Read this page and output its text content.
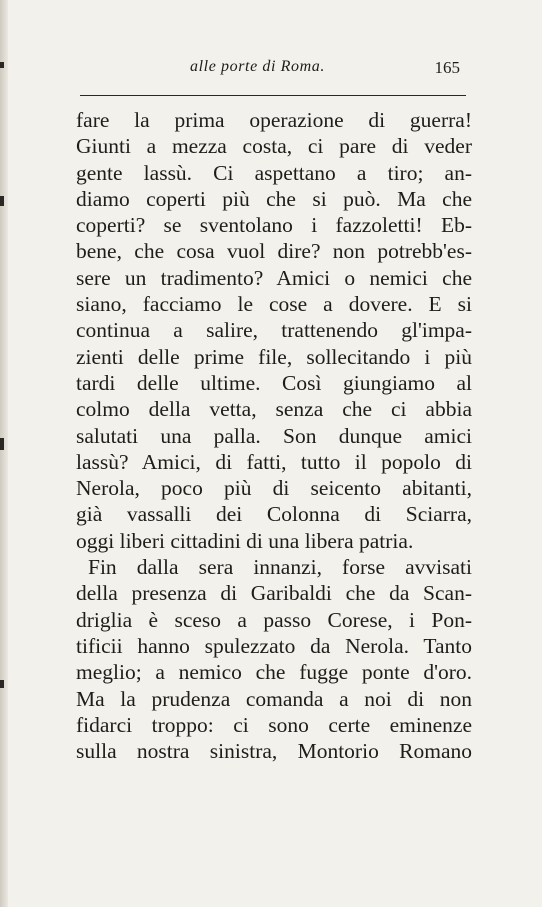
alle porte di Roma.	165
fare la prima operazione di guerra!
Giunti a mezza costa, ci pare di veder
gente lassù. Ci aspettano a tiro; an-
diamo coperti più che si può. Ma che
coperti? se sventolano i fazzoletti! Eb-
bene, che cosa vuol dire? non potrebb'es-
sere un tradimento? Amici o nemici che
siano, facciamo le cose a dovere. E si
continua a salire, trattenendo gl'impa-
zienti delle prime file, sollecitando i più
tardi delle ultime. Così giungiamo al
colmo della vetta, senza che ci abbia
salutati una palla. Son dunque amici
lassù? Amici, di fatti, tutto il popolo di
Nerola, poco più di seicento abitanti,
già vassalli dei Colonna di Sciarra,
oggi liberi cittadini di una libera patria.
Fin dalla sera innanzi, forse avvisati
della presenza di Garibaldi che da Scan-
driglia è sceso a passo Corese, i Pon-
tificii hanno spulezzato da Nerola. Tanto
meglio; a nemico che fugge ponte d'oro.
Ma la prudenza comanda a noi di non
fidarci troppo: ci sono certe eminenze
sulla nostra sinistra, Montorio Romano
